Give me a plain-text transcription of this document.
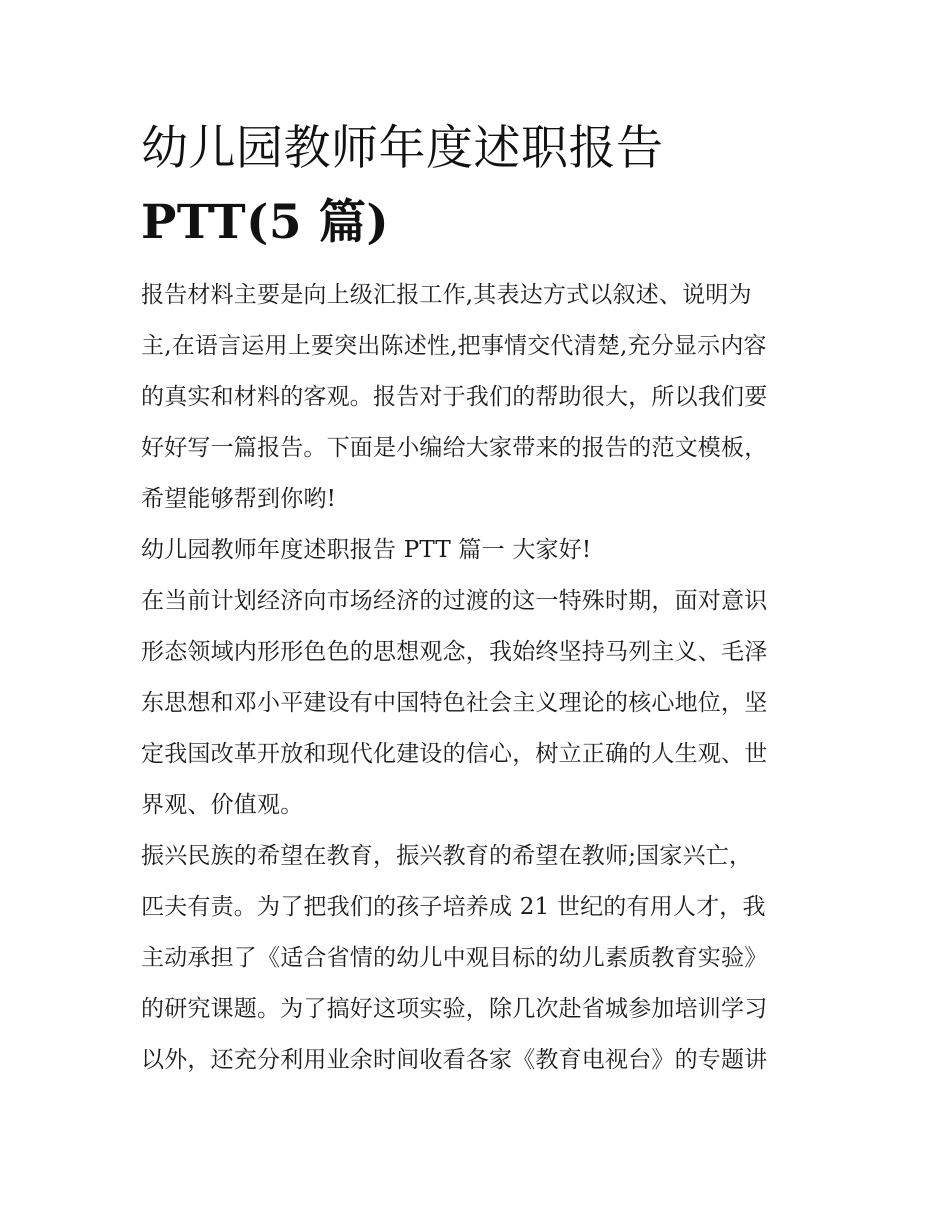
幼儿园教师年度述职报告
PTT(5 篇)

报告材料主要是向上级汇报工作,其表达方式以叙述、说明为
主,在语言运用上要突出陈述性,把事情交代清楚,充分显示内容
的真实和材料的客观。报告对于我们的帮助很大，所以我们要
好好写一篇报告。下面是小编给大家带来的报告的范文模板，
希望能够帮到你哟!

幼儿园教师年度述职报告 PTT 篇一 大家好!

在当前计划经济向市场经济的过渡的这一特殊时期，面对意识
形态领域内形形色色的思想观念，我始终坚持马列主义、毛泽
东思想和邓小平建设有中国特色社会主义理论的核心地位，坚
定我国改革开放和现代化建设的信心，树立正确的人生观、世
界观、价值观。

振兴民族的希望在教育，振兴教育的希望在教师;国家兴亡，
匹夫有责。为了把我们的孩子培养成 21 世纪的有用人才，我
主动承担了《适合省情的幼儿中观目标的幼儿素质教育实验》
的研究课题。为了搞好这项实验，除几次赴省城参加培训学习
以外，还充分利用业余时间收看各家《教育电视台》的专题讲
